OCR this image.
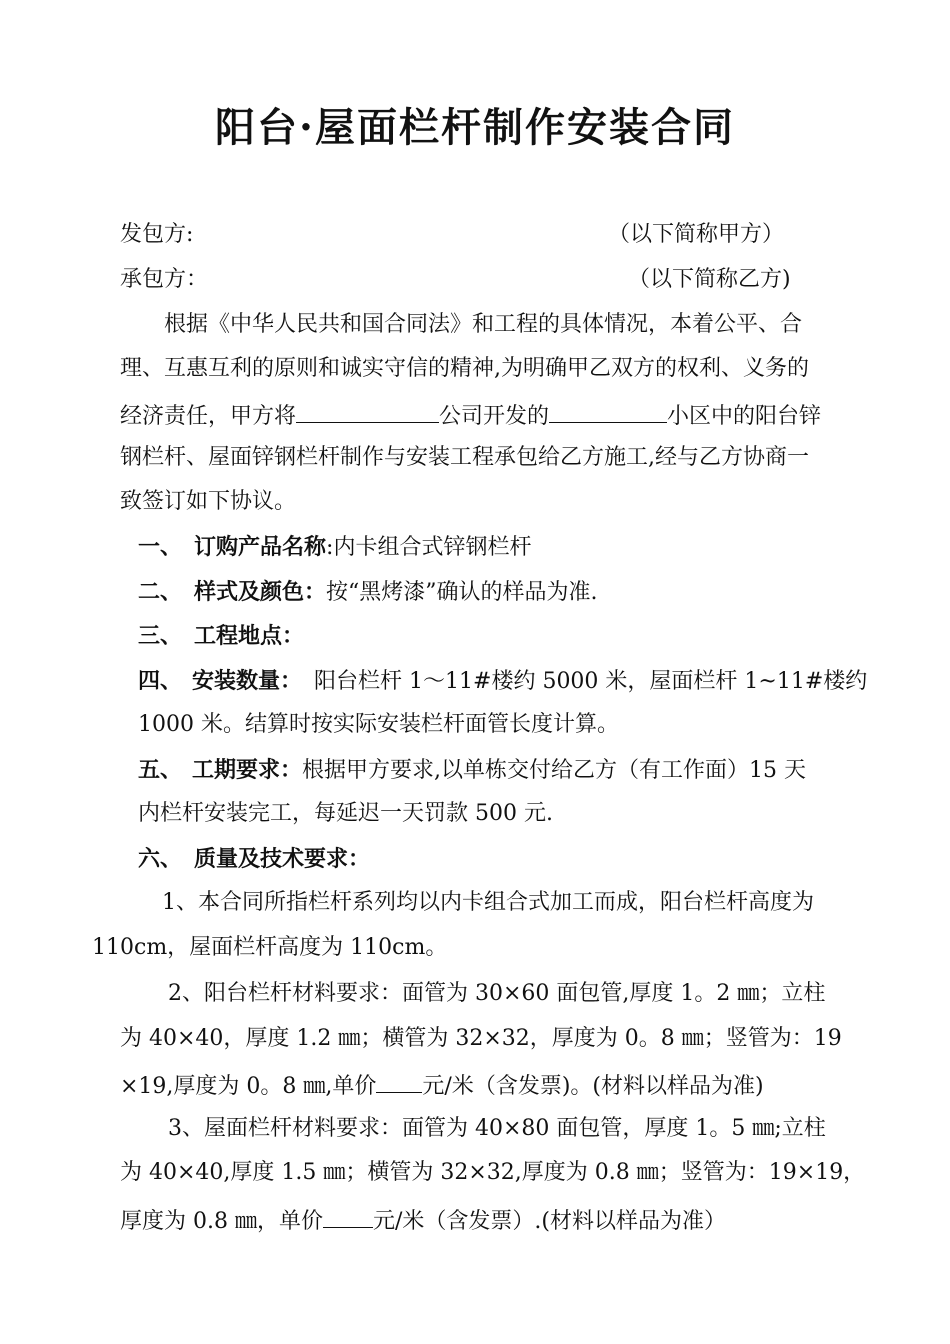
阳台·屋面栏杆制作安装合同
发包方:	（以下简称甲方）
承包方：	（以下简称乙方)
根据《中华人民共和国合同法》和工程的具体情况，本着公平、合
理、互惠互利的原则和诚实守信的精神,为明确甲乙双方的权利、义务的
经济责任，甲方将	公司开发的	小区中的阳台锌
钢栏杆、屋面锌钢栏杆制作与安装工程承包给乙方施工,经与乙方协商一
致签订如下协议。
一、 订购产品名称:内卡组合式锌钢栏杆
二、 样式及颜色：按“黑烤漆”确认的样品为准.
三、 工程地点：
四、 安装数量： 阳台栏杆 1～11#楼约 5000 米，屋面栏杆 1~11#楼约
1000 米。结算时按实际安装栏杆面管长度计算。
五、 工期要求：根据甲方要求,以单栋交付给乙方（有工作面）15 天
内栏杆安装完工，每延迟一天罚款 500 元.
六、 质量及技术要求：
1、本合同所指栏杆系列均以内卡组合式加工而成，阳台栏杆高度为
110cm，屋面栏杆高度为 110cm。
2、阳台栏杆材料要求：面管为 30×60 面包管,厚度 1。2 ㎜；立柱
为 40×40，厚度 1.2 ㎜；横管为 32×32，厚度为 0。8 ㎜；竖管为：19
×19,厚度为 0。8 ㎜,单价 元/米（含发票)。(材料以样品为准)
3、屋面栏杆材料要求：面管为 40×80 面包管，厚度 1。5 ㎜;立柱
为 40×40,厚度 1.5 ㎜；横管为 32×32,厚度为 0.8 ㎜；竖管为：19×19，
厚度为 0.8 ㎜，单价 元/米（含发票）.(材料以样品为准）
